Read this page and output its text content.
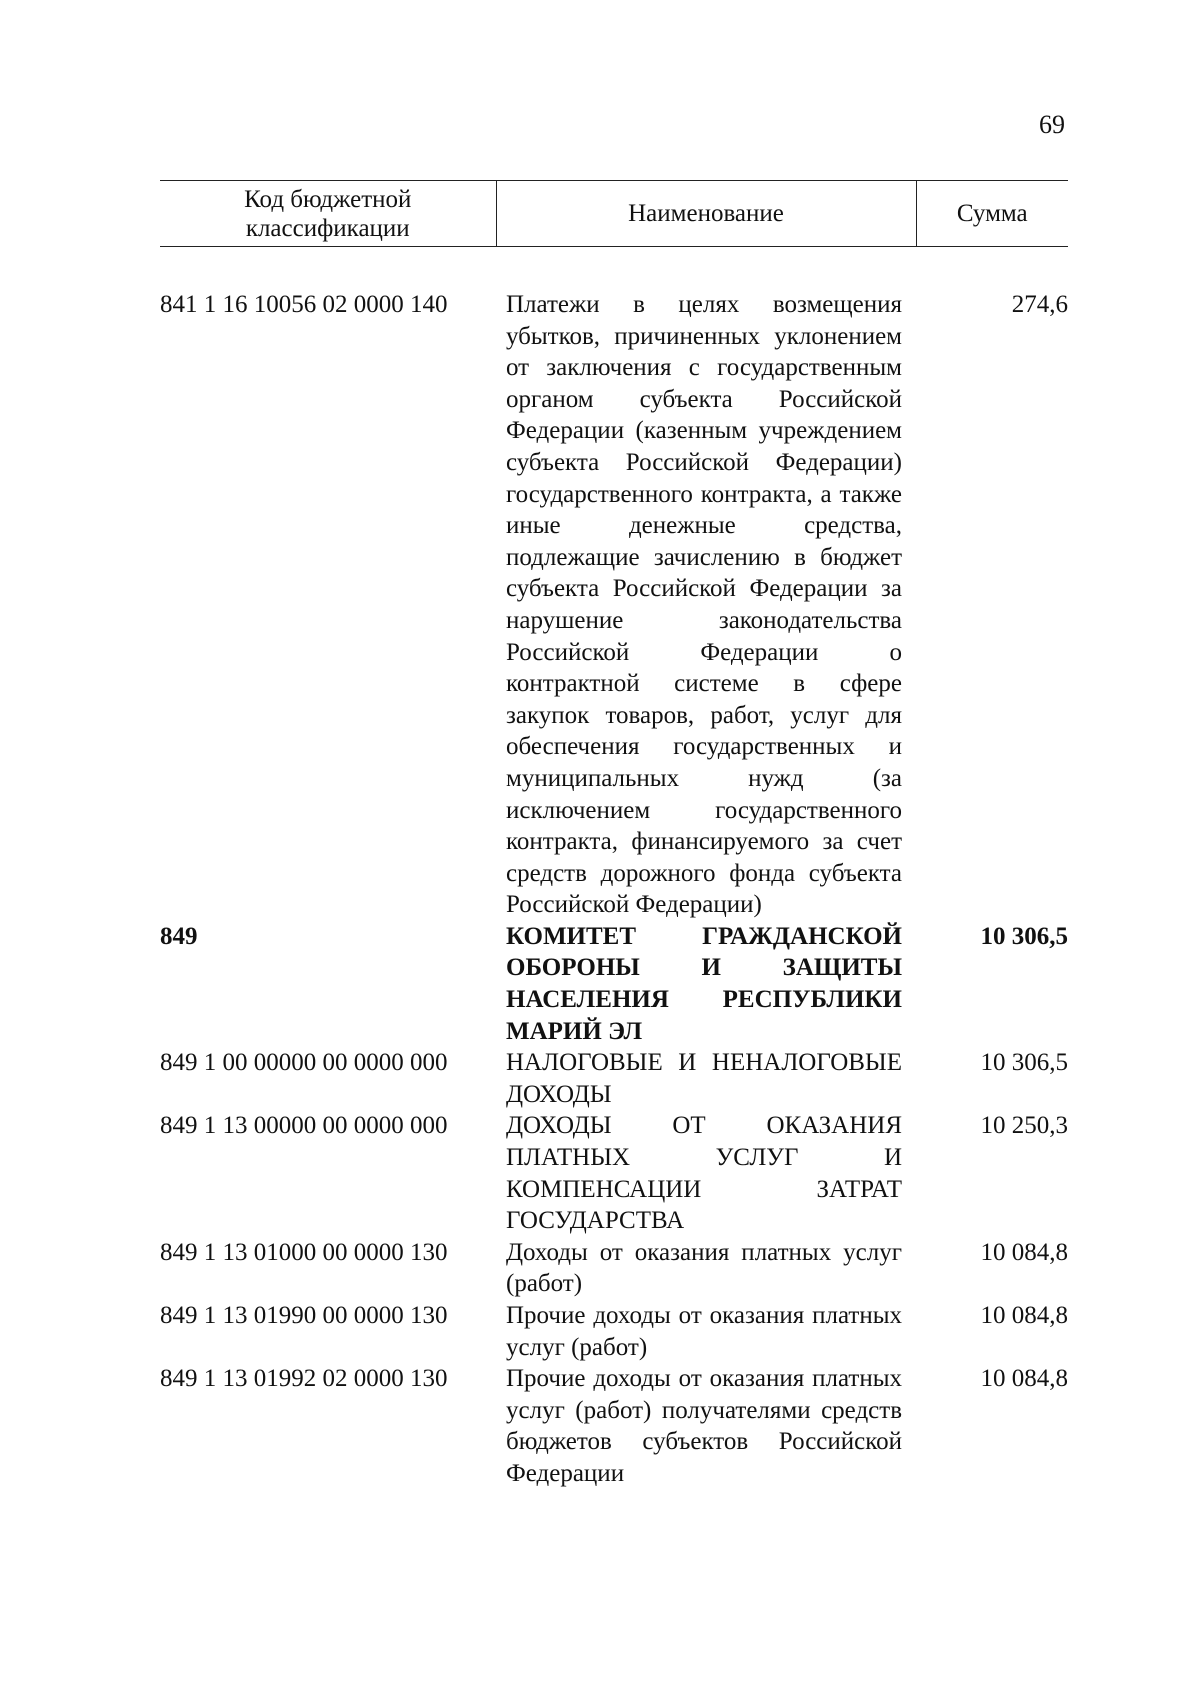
69
Код бюджетной классификации	Наименование	Сумма

841 1 16 10056 02 0000 140	Платежи в целях возмещения убытков, причиненных уклонением от заключения с государственным органом субъекта Российской Федерации (казенным учреждением субъекта Российской Федерации) государственного контракта, а также иные денежные средства, подлежащие зачислению в бюджет субъекта Российской Федерации за нарушение законодательства Российской Федерации о контрактной системе в сфере закупок товаров, работ, услуг для обеспечения государственных и муниципальных нужд (за исключением государственного контракта, финансируемого за счет средств дорожного фонда субъекта Российской Федерации)	274,6
849	КОМИТЕТ ГРАЖДАНСКОЙ ОБОРОНЫ И ЗАЩИТЫ НАСЕЛЕНИЯ РЕСПУБЛИКИ МАРИЙ ЭЛ	10 306,5
849 1 00 00000 00 0000 000	НАЛОГОВЫЕ И НЕНАЛОГОВЫЕ ДОХОДЫ	10 306,5
849 1 13 00000 00 0000 000	ДОХОДЫ ОТ ОКАЗАНИЯ ПЛАТНЫХ УСЛУГ И КОМПЕНСАЦИИ ЗАТРАТ ГОСУДАРСТВА	10 250,3
849 1 13 01000 00 0000 130	Доходы от оказания платных услуг (работ)	10 084,8
849 1 13 01990 00 0000 130	Прочие доходы от оказания платных услуг (работ)	10 084,8
849 1 13 01992 02 0000 130	Прочие доходы от оказания платных услуг (работ) получателями средств бюджетов субъектов Российской Федерации	10 084,8
